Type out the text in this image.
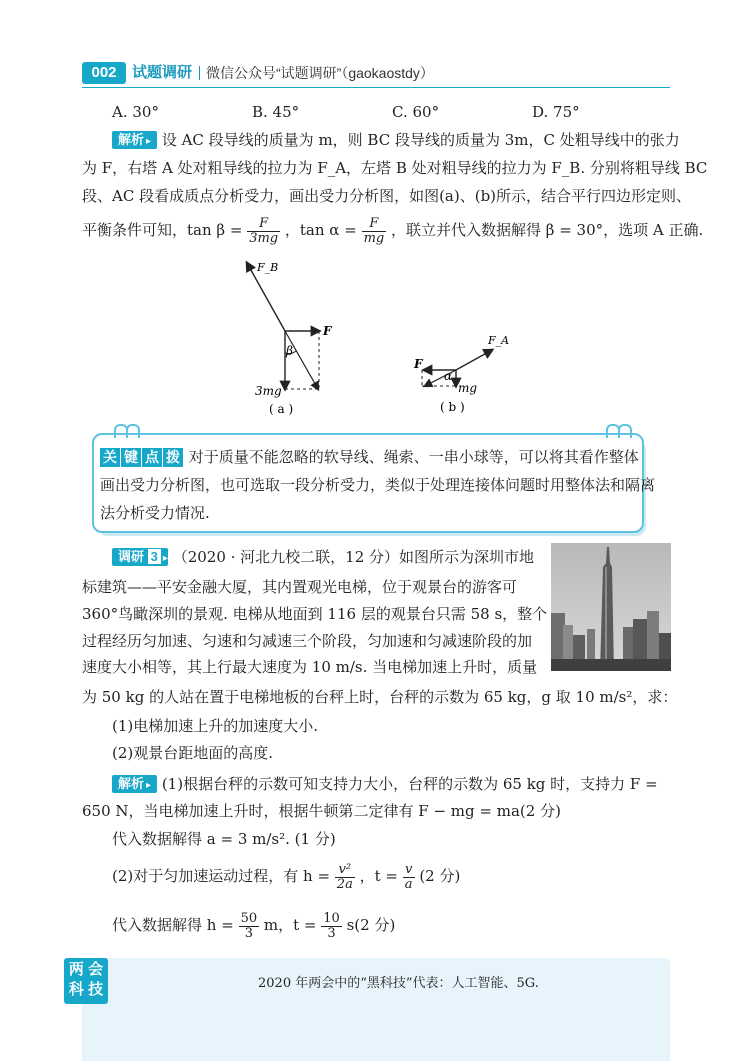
002	试题调研 微信公众号“试题调研”（gaokaostdy）
A. 30°	B. 45°	C. 60°	D. 75°
解析 ▸ 设 AC 段导线的质量为 m，则 BC 段导线的质量为 3m，C 处粗导线中的张力
为 F，右塔 A 处对粗导线的拉力为 F_A，左塔 B 处对粗导线的拉力为 F_B. 分别将粗导线 BC
段、AC 段看成质点分析受力，画出受力分析图，如图(a)、(b)所示，结合平行四边形定则、
平衡条件可知，$\tan \beta = \frac{F}{3mg}$ ，$\tan \alpha = \frac{F}{mg}$ ，联立并代入数据解得 β = 30°，选项 A 正确.
F_B
F
β
3mg
( a )
F
F_A
α
mg
( b )
关 键 点 拨 对于质量不能忽略的软导线、绳索、一串小球等，可以将其看作整体
画出受力分析图，也可选取一段分析受力，类似于处理连接体问题时用整体法和隔离
法分析受力情况.
调研 3 ▸ （2020 · 河北九校二联，12 分）如图所示为深圳市地
标建筑——平安金融大厦，其内置观光电梯，位于观景台的游客可
360°鸟瞰深圳的景观. 电梯从地面到 116 层的观景台只需 58 s，整个
过程经历匀加速、匀速和匀减速三个阶段，匀加速和匀减速阶段的加
速度大小相等，其上行最大速度为 10 m/s. 当电梯加速上升时，质量
为 50 kg 的人站在置于电梯地板的台秤上时，台秤的示数为 65 kg，g 取 10 m/s²，求：
(1)电梯加速上升的加速度大小.
(2)观景台距地面的高度.
解析 ▸ (1)根据台秤的示数可知支持力大小，台秤的示数为 65 kg 时，支持力 F =
650 N，当电梯加速上升时，根据牛顿第二定律有 F − mg = ma(2 分)
代入数据解得 a = 3 m/s². (1 分)
(2)对于匀加速运动过程，有 $h = \frac{\text{v²}}{2a}$ ，$t = \frac{v}{a} (2$ 分)
代入数据解得 $h = \frac{50}{3}$ m，$t = \frac{10}{3} s(2$ 分)
两 会
科 技	2020 年两会中的“黑科技”代表：人工智能、5G.
